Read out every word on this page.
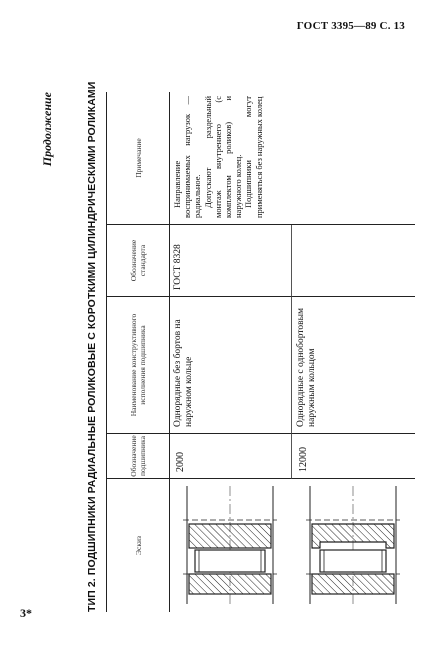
ГОСТ 3395—89 С. 13
Продолжение	ТИП 2. ПОДШИПНИКИ РАДИАЛЬНЫЕ РОЛИКОВЫЕ С КОРОТКИМИ ЦИЛИНДРИЧЕСКИМИ РОЛИКАМИ	Эскиз
Обозначение подшипника
Наименование конструктивного исполнения подшипника
Обозначение стандарта
Примечание
2000
Однорядные без бортов на наружном кольце
ГОСТ 8328

Направление воспринимаемых нагрузок — радиальное. Допускают раздельный монтаж внутреннего (с комплектом роликов) и наружного колец. Подшипники могут применяться без наружных колец

12000
Однорядные с однобортовым наружным кольцом
3*
